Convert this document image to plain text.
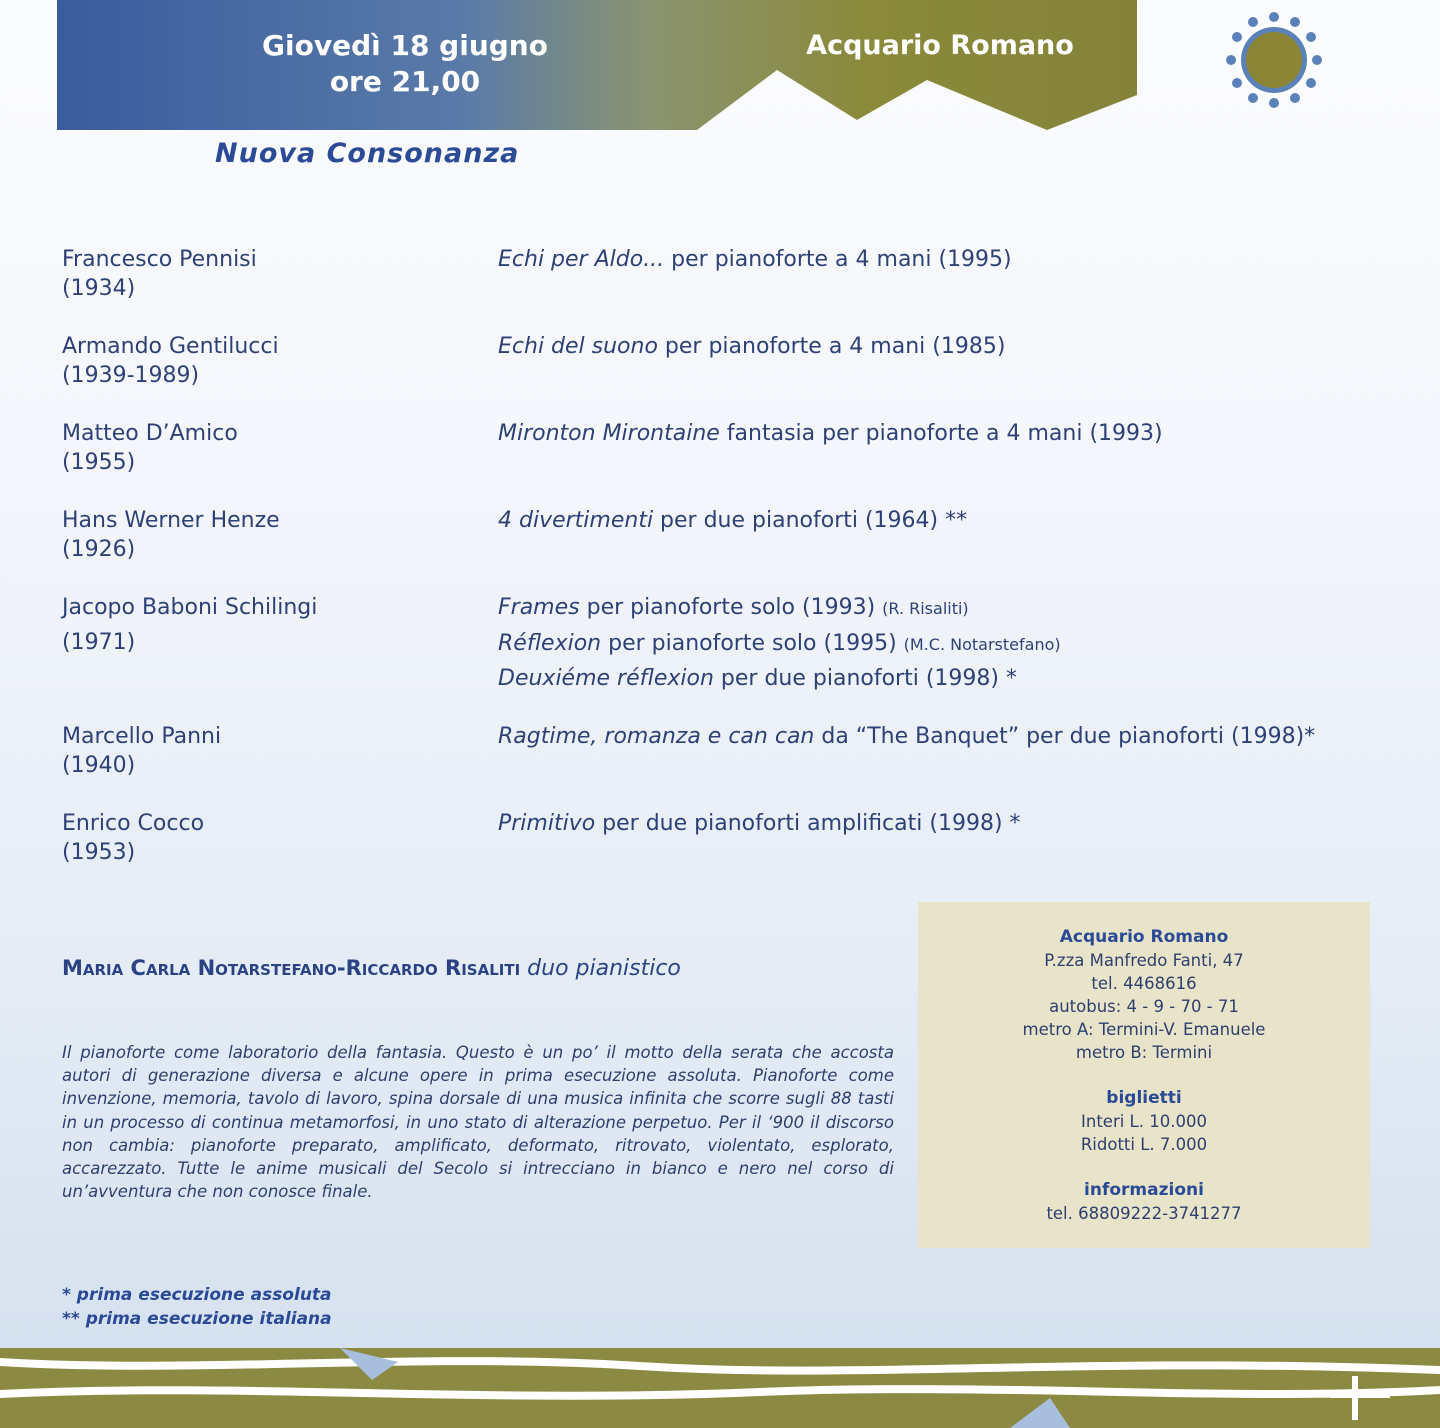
Giovedì 18 giugno
ore 21,00
Acquario Romano
Nuova Consonanza
Francesco Pennisi
(1934)
Echi per Aldo... per pianoforte a 4 mani (1995)
Armando Gentilucci
(1939-1989)
Echi del suono per pianoforte a 4 mani (1985)
Matteo D’Amico
(1955)
Mironton Mirontaine fantasia per pianoforte a 4 mani (1993)
Hans Werner Henze
(1926)
4 divertimenti per due pianoforti (1964) **
Jacopo Baboni Schilingi
(1971)
Frames per pianoforte solo (1993) (R. Risaliti)
Réflexion per pianoforte solo (1995) (M.C. Notarstefano)
Deuxiéme réflexion per due pianoforti (1998) *
Marcello Panni
(1940)
Ragtime, romanza e can can da “The Banquet” per due pianoforti (1998)*
Enrico Cocco
(1953)
Primitivo per due pianoforti amplificati (1998) *
Maria Carla Notarstefano-Riccardo Risaliti duo pianistico
Il pianoforte come laboratorio della fantasia. Questo è un po’ il motto della serata che accosta autori di generazione diversa e alcune opere in prima esecuzione assoluta. Pianoforte come invenzione, memoria, tavolo di lavoro, spina dorsale di una musica infinita che scorre sugli 88 tasti in un processo di continua metamorfosi, in uno stato di alterazione perpetuo. Per il ‘900 il discorso non cambia: pianoforte preparato, amplificato, deformato, ritrovato, violentato, esplorato, accarezzato. Tutte le anime musicali del Secolo si intrecciano in bianco e nero nel corso di un’avventura che non conosce finale.
* prima esecuzione assoluta
** prima esecuzione italiana
Acquario Romano
P.zza Manfredo Fanti, 47
tel. 4468616
autobus: 4 - 9 - 70 - 71
metro A: Termini-V. Emanuele
metro B: Termini
biglietti
Interi L. 10.000
Ridotti L. 7.000
informazioni
tel. 68809222-3741277
